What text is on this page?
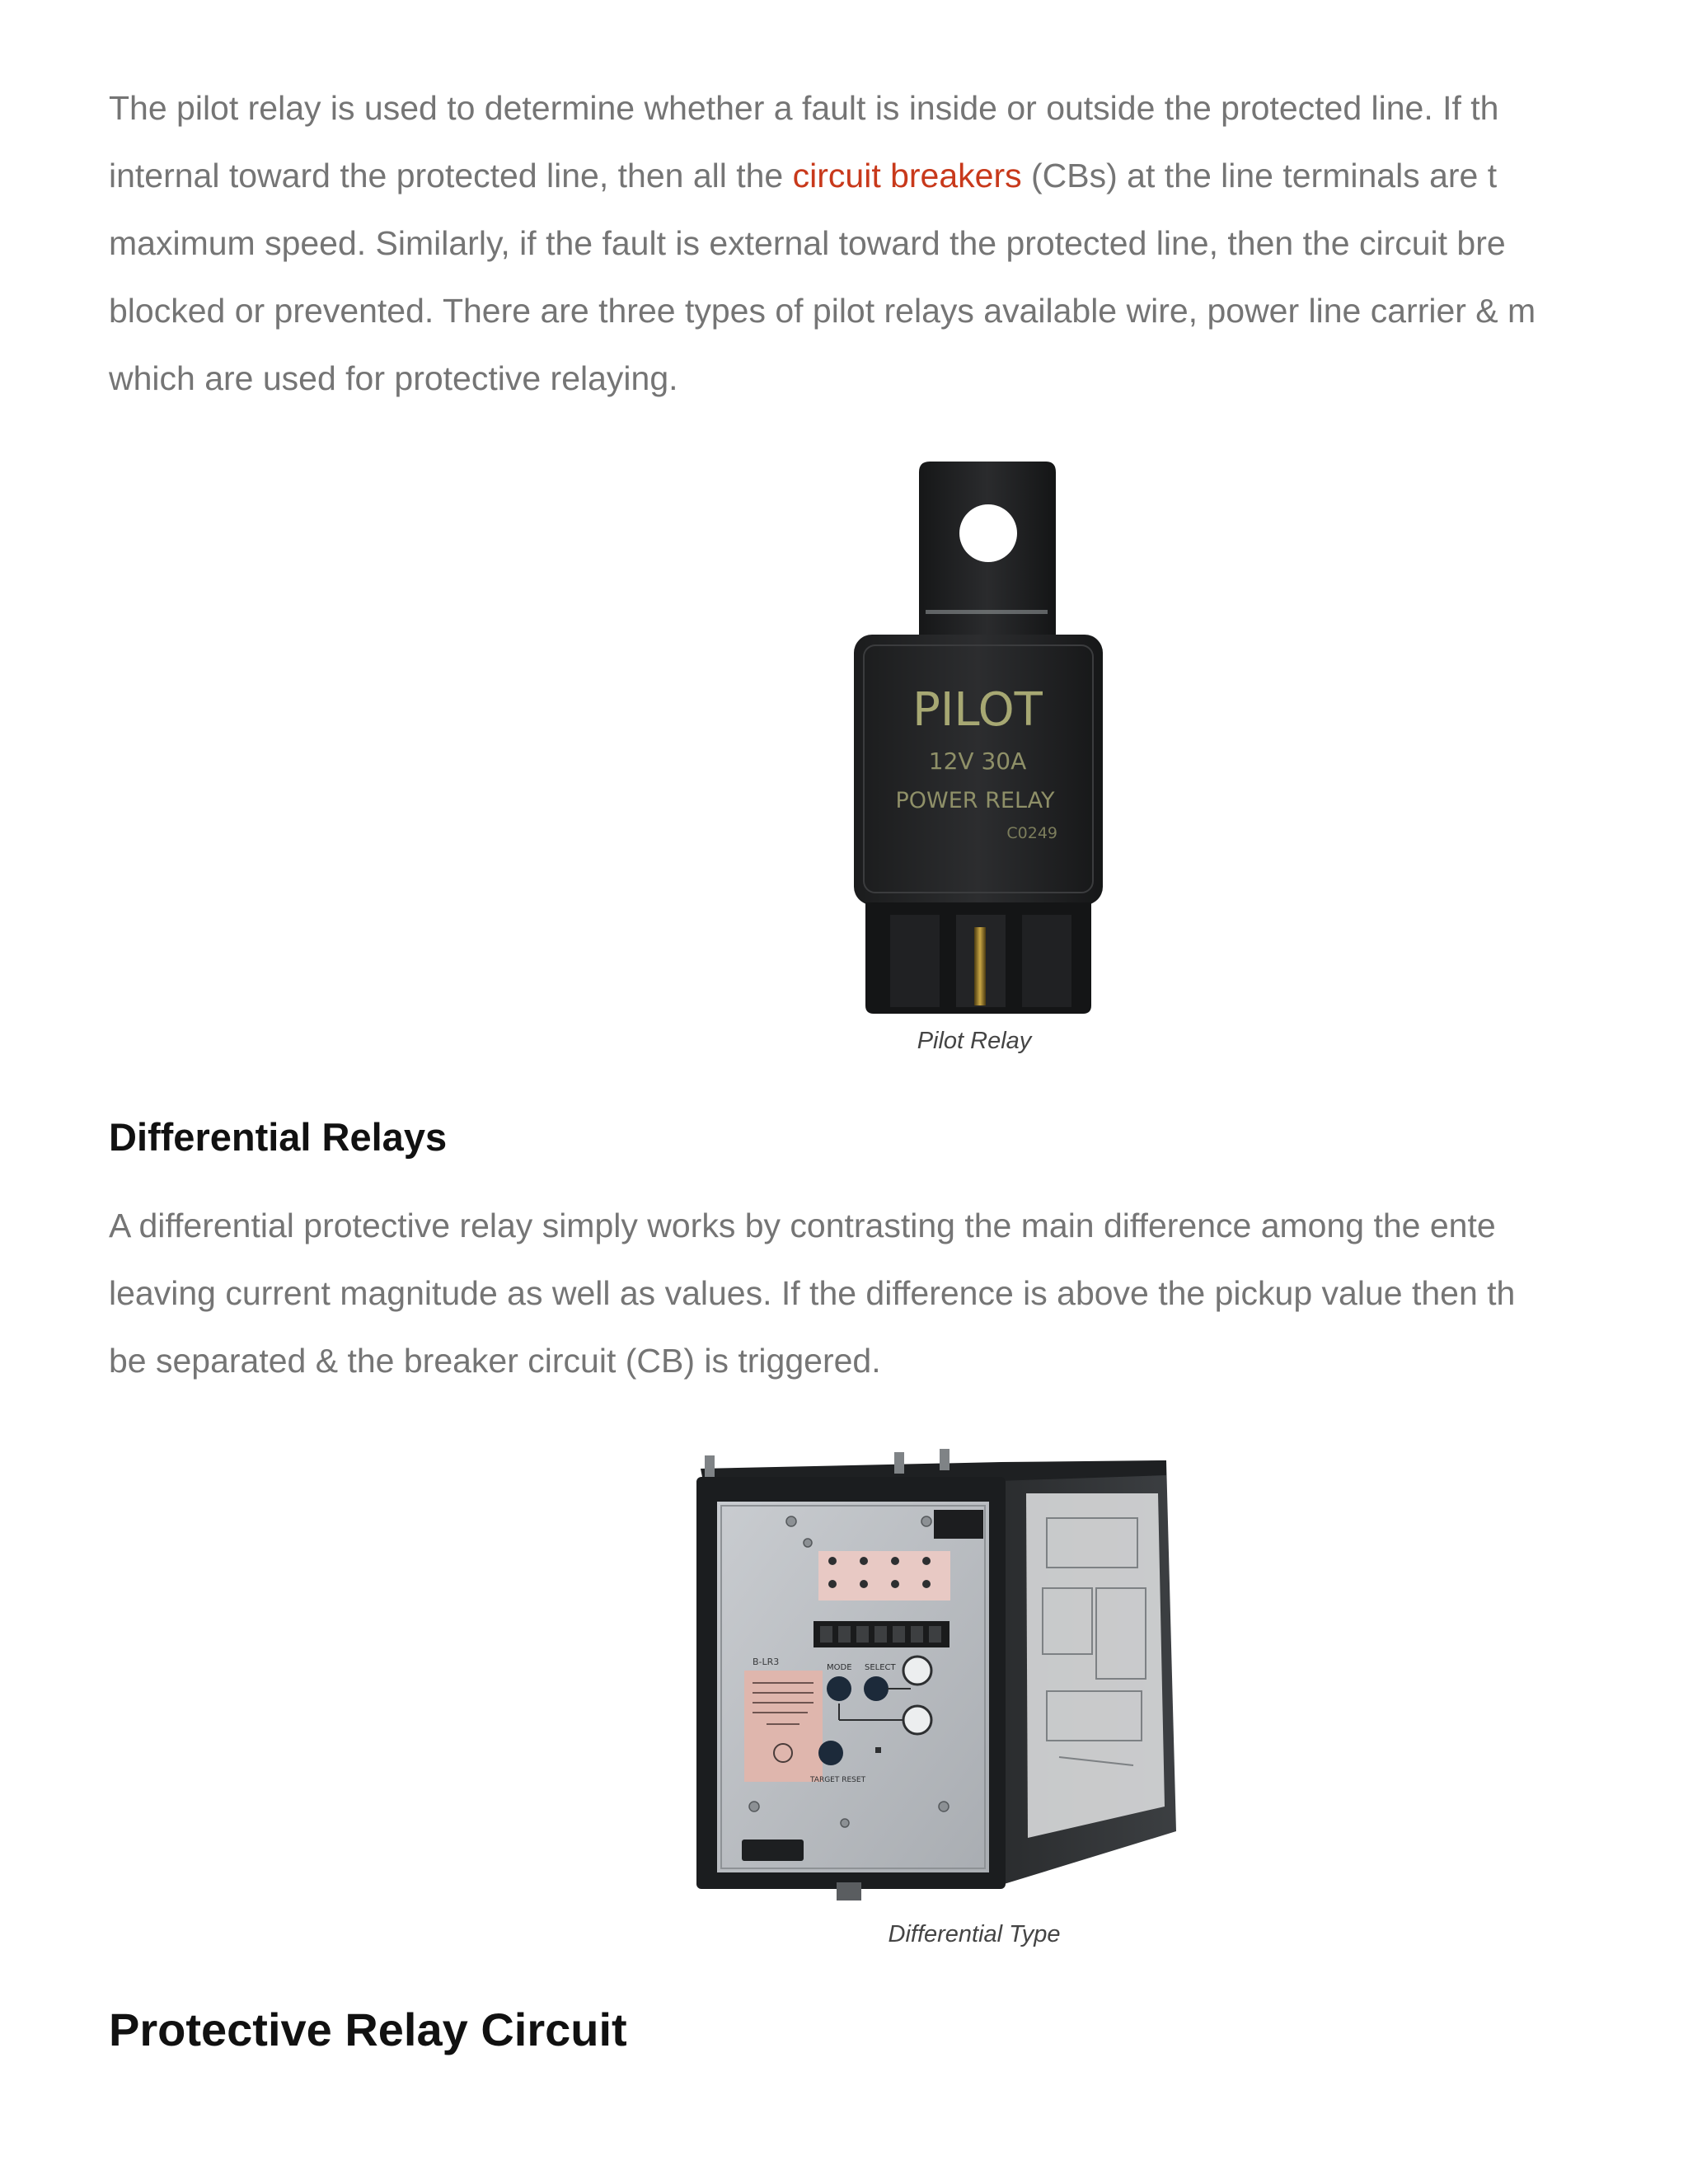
The pilot relay is used to determine whether a fault is inside or outside the protected line. If th
internal toward the protected line, then all the circuit breakers (CBs) at the line terminals are t
maximum speed. Similarly, if the fault is external toward the protected line, then the circuit bre
blocked or prevented. There are three types of pilot relays available wire, power line carrier & m
which are used for protective relaying.

Differential Relays

A differential protective relay simply works by contrasting the main difference among the ente
leaving current magnitude as well as values. If the difference is above the pickup value then th
be separated & the breaker circuit (CB) is triggered.

Protective Relay Circuit
PILOT
12V 30A
POWER RELAY
C0249
Pilot Relay
B-LR3
MODE SELECT
TARGET RESET
Differential Type
